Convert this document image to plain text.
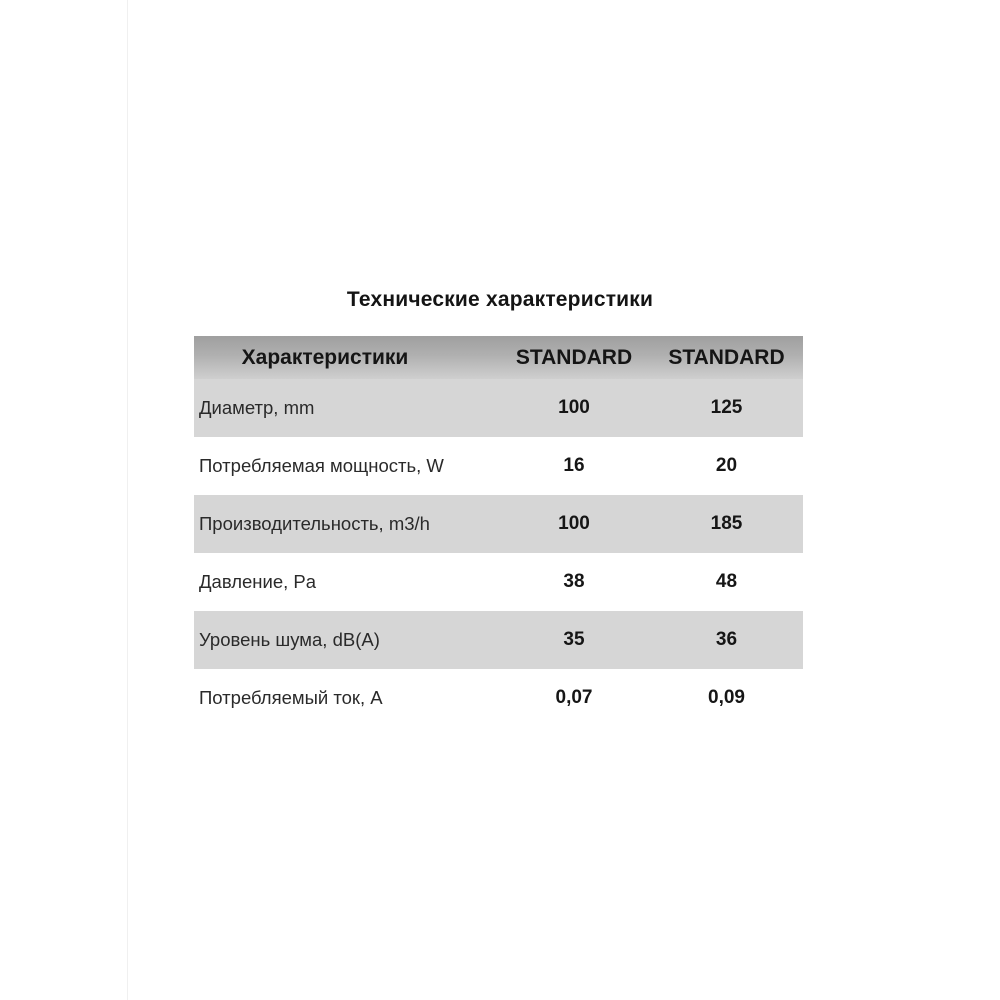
Технические характеристики
Характеристики	STANDARD	STANDARD
Диаметр, mm	100	125
Потребляемая мощность, W	16	20
Производительность, m3/h	100	185
Давление, Pa	38	48
Уровень шума, dB(A)	35	36
Потребляемый ток, A	0,07	0,09
